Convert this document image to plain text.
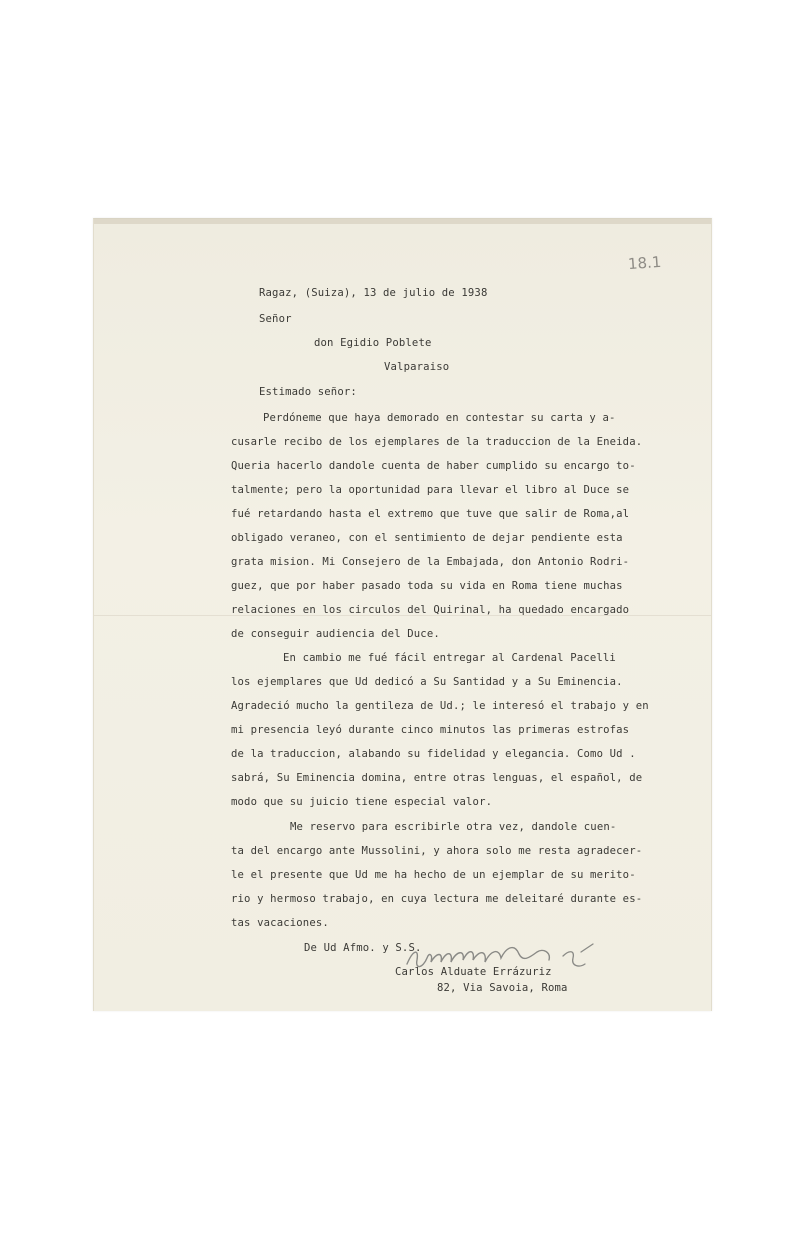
18.1
Ragaz, (Suiza), 13 de julio de 1938
Señor
don Egidio Poblete
Valparaiso
Estimado señor:
Perdóneme que haya demorado en contestar su carta y a-
cusarle recibo de los ejemplares de la traduccion de la Eneida.
Queria hacerlo dandole cuenta de haber cumplido su encargo to-
talmente; pero la oportunidad para llevar el libro al Duce se
fué retardando hasta el extremo que tuve que salir de Roma,al
obligado veraneo, con el sentimiento de dejar pendiente esta
grata mision. Mi Consejero de la Embajada, don Antonio Rodri-
guez, que por haber pasado toda su vida en Roma tiene muchas
relaciones en los circulos del Quirinal, ha quedado encargado
de conseguir audiencia del Duce.
En cambio me fué fácil entregar al Cardenal Pacelli
los ejemplares que Ud dedicó a Su Santidad y a Su Eminencia.
Agradeció mucho la gentileza de Ud.; le interesó el trabajo y en
mi presencia leyó durante cinco minutos las primeras estrofas
de la traduccion, alabando su fidelidad y elegancia. Como Ud .
sabrá, Su Eminencia domina, entre otras lenguas, el español, de
modo que su juicio tiene especial valor.
Me reservo para escribirle otra vez, dandole cuen-
ta del encargo ante Mussolini, y ahora solo me resta agradecer-
le el presente que Ud me ha hecho de un ejemplar de su merito-
rio y hermoso trabajo, en cuya lectura me deleitaré durante es-
tas vacaciones.
De Ud Afmo. y S.S.
Carlos Alduate Errázuriz
82, Via Savoia, Roma
